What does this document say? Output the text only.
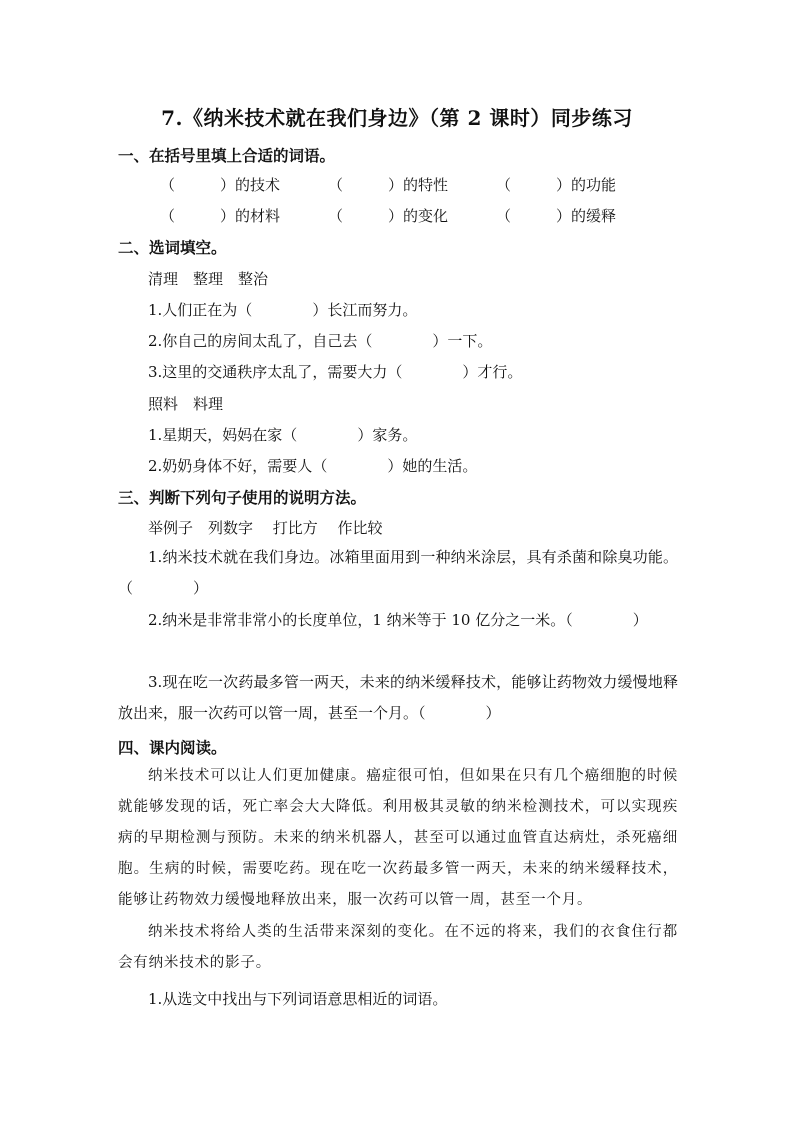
7.《纳米技术就在我们身边》（第 2 课时）同步练习
一、在括号里填上合适的词语。
（　　　）的技术	（　　　）的特性	（　　　）的功能
（　　　）的材料	（　　　）的变化	（　　　）的缓释
二、选词填空。
清理　整理　整治
1.人们正在为（　　　　）长江而努力。
2.你自己的房间太乱了，自己去（　　　　）一下。
3.这里的交通秩序太乱了，需要大力（　　　　）才行。
照料　料理
1.星期天，妈妈在家（　　　　）家务。
2.奶奶身体不好，需要人（　　　　）她的生活。
三、判断下列句子使用的说明方法。
举例子　列数字　 打比方　 作比较
1.纳米技术就在我们身边。冰箱里面用到一种纳米涂层，具有杀菌和除臭功能。（　　　　）
2.纳米是非常非常小的长度单位，1 纳米等于 10 亿分之一米。（　　　　）
3.现在吃一次药最多管一两天，未来的纳米缓释技术，能够让药物效力缓慢地释放出来，服一次药可以管一周，甚至一个月。（　　　　）
四、课内阅读。
纳米技术可以让人们更加健康。癌症很可怕，但如果在只有几个癌细胞的时候就能够发现的话，死亡率会大大降低。利用极其灵敏的纳米检测技术，可以实现疾病的早期检测与预防。未来的纳米机器人，甚至可以通过血管直达病灶，杀死癌细胞。生病的时候，需要吃药。现在吃一次药最多管一两天，未来的纳米缓释技术，能够让药物效力缓慢地释放出来，服一次药可以管一周，甚至一个月。
纳米技术将给人类的生活带来深刻的变化。在不远的将来，我们的衣食住行都会有纳米技术的影子。
1.从选文中找出与下列词语意思相近的词语。
